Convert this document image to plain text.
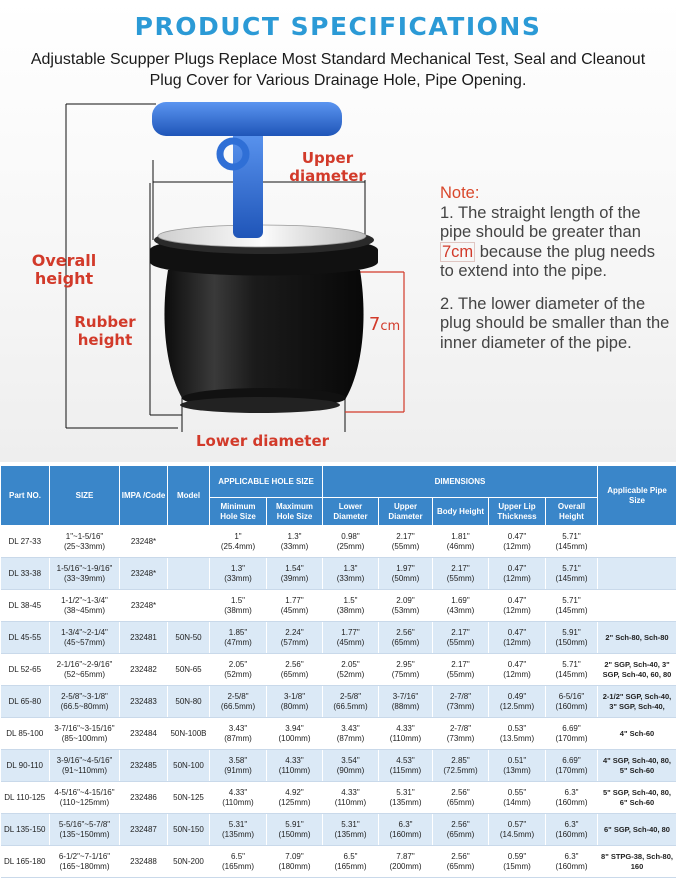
PRODUCT SPECIFICATIONS
Adjustable Scupper Plugs Replace Most Standard Mechanical Test, Seal and Cleanout Plug Cover for Various Drainage Hole, Pipe Opening.
Overall height
Rubber height
Upper diameter
Lower diameter
7cm
Note:

1. The straight length of the pipe should be greater than 7cm because the plug needs to extend into the pipe.

2. The lower diameter of the plug should be smaller than the inner diameter of the pipe.

Part NO.	SIZE	IMPA /Code	Model	APPLICABLE HOLE SIZE		DIMENSIONS					Applicable Pipe Size
				Minimum Hole Size	Maximum Hole Size	Lower Diameter	Upper Diameter	Body Height	Upper Lip Thickness	Overall Height	

DL 27-33	1"~1-5/16"
(25~33mm)	23248*		1"
(25.4mm)	1.3"
(33mm)	0.98"
(25mm)	2.17"
(55mm)	1.81"
(46mm)	0.47"
(12mm)	5.71"
(145mm)	

DL 33-38	1-5/16"~1-9/16"
(33~39mm)	23248*		1.3"
(33mm)	1.54"
(39mm)	1.3"
(33mm)	1.97"
(50mm)	2.17"
(55mm)	0.47"
(12mm)	5.71"
(145mm)	

DL 38-45	1-1/2"~1-3/4"
(38~45mm)	23248*		1.5"
(38mm)	1.77"
(45mm)	1.5"
(38mm)	2.09"
(53mm)	1.69"
(43mm)	0.47"
(12mm)	5.71"
(145mm)	

DL 45-55	1-3/4"~2-1/4"
(45~57mm)	232481	50N-50	1.85"
(47mm)	2.24"
(57mm)	1.77"
(45mm)	2.56"
(65mm)	2.17"
(55mm)	0.47"
(12mm)	5.91"
(150mm)	2" Sch-80, Sch-80

DL 52-65	2-1/16"~2-9/16"
(52~65mm)	232482	50N-65	2.05"
(52mm)	2.56"
(65mm)	2.05"
(52mm)	2.95"
(75mm)	2.17"
(55mm)	0.47"
(12mm)	5.71"
(145mm)	2" SGP, Sch-40, 3" SGP, Sch-40, 60, 80

DL 65-80	2-5/8"~3-1/8"
(66.5~80mm)	232483	50N-80	2-5/8"
(66.5mm)	3-1/8"
(80mm)	2-5/8"
(66.5mm)	3-7/16"
(88mm)	2-7/8"
(73mm)	0.49"
(12.5mm)	6-5/16"
(160mm)	2-1/2" SGP, Sch-40, 3" SGP, Sch-40,

DL 85-100	3-7/16"~3-15/16"
(85~100mm)	232484	50N-100B	3.43"
(87mm)	3.94"
(100mm)	3.43"
(87mm)	4.33"
(110mm)	2-7/8"
(73mm)	0.53"
(13.5mm)	6.69"
(170mm)	4" Sch-60

DL 90-110	3-9/16"~4-5/16"
(91~110mm)	232485	50N-100	3.58"
(91mm)	4.33"
(110mm)	3.54"
(90mm)	4.53"
(115mm)	2.85"
(72.5mm)	0.51"
(13mm)	6.69"
(170mm)	4" SGP, Sch-40, 80, 5" Sch-60

DL 110-125	4-5/16"~4-15/16"
(110~125mm)	232486	50N-125	4.33"
(110mm)	4.92"
(125mm)	4.33"
(110mm)	5.31"
(135mm)	2.56"
(65mm)	0.55"
(14mm)	6.3"
(160mm)	5" SGP, Sch-40, 80, 6" Sch-60

DL 135-150	5-5/16"~5-7/8"
(135~150mm)	232487	50N-150	5.31"
(135mm)	5.91"
(150mm)	5.31"
(135mm)	6.3"
(160mm)	2.56"
(65mm)	0.57"
(14.5mm)	6.3"
(160mm)	6" SGP, Sch-40, 80

DL 165-180	6-1/2"~7-1/16"
(165~180mm)	232488	50N-200	6.5"
(165mm)	7.09"
(180mm)	6.5"
(165mm)	7.87"
(200mm)	2.56"
(65mm)	0.59"
(15mm)	6.3"
(160mm)	8" STPG-38, Sch-80, 160
